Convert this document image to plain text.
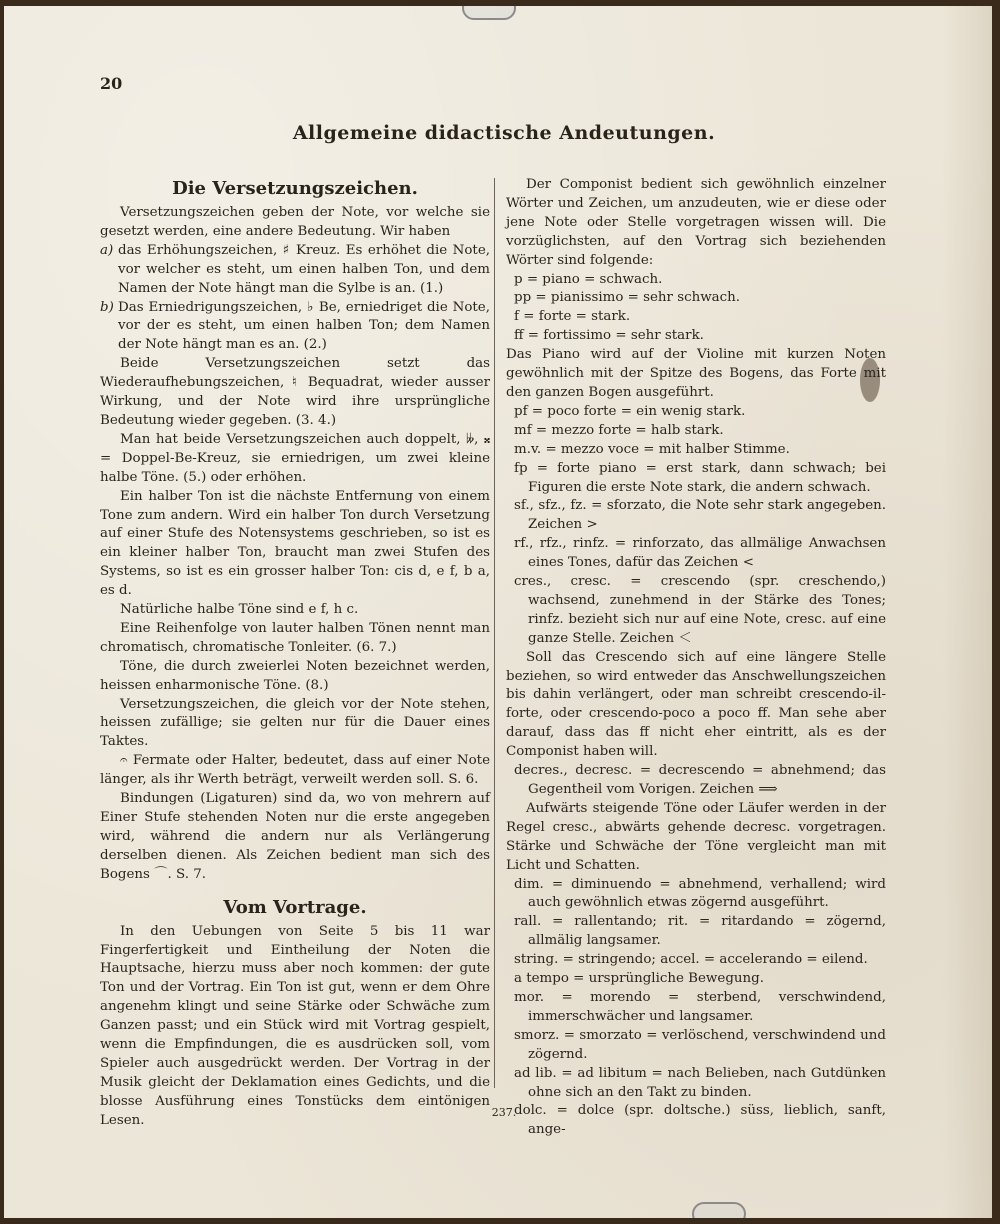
20
Allgemeine didactische Andeutungen.
Die Versetzungszeichen.
Versetzungszeichen geben der Note, vor welche sie gesetzt werden, eine andere Bedeutung. Wir haben
a) das Erhöhungszeichen, ♯ Kreuz. Es erhöhet die Note, vor welcher es steht, um einen halben Ton, und dem Namen der Note hängt man die Sylbe is an. (1.)
b) Das Erniedrigungszeichen, ♭ Be, erniedriget die Note, vor der es steht, um einen halben Ton; dem Namen der Note hängt man es an. (2.)
Beide Versetzungszeichen setzt das Wiederaufhebungszeichen, ♮ Bequadrat, wieder ausser Wirkung, und der Note wird ihre ursprüngliche Bedeutung wieder gegeben. (3. 4.)
Man hat beide Versetzungszeichen auch doppelt, 𝄫, 𝄪 = Doppel-Be-Kreuz, sie erniedrigen, um zwei kleine halbe Töne. (5.) oder erhöhen.
Ein halber Ton ist die nächste Entfernung von einem Tone zum andern. Wird ein halber Ton durch Versetzung auf einer Stufe des Notensystems geschrieben, so ist es ein kleiner halber Ton, braucht man zwei Stufen des Systems, so ist es ein grosser halber Ton: cis d, e f, b a, es d.
Natürliche halbe Töne sind e f, h c.
Eine Reihenfolge von lauter halben Tönen nennt man chromatisch, chromatische Tonleiter. (6. 7.)
Töne, die durch zweierlei Noten bezeichnet werden, heissen enharmonische Töne. (8.)
Versetzungszeichen, die gleich vor der Note stehen, heissen zufällige; sie gelten nur für die Dauer eines Taktes.
𝄐 Fermate oder Halter, bedeutet, dass auf einer Note länger, als ihr Werth beträgt, verweilt werden soll. S. 6.
Bindungen (Ligaturen) sind da, wo von mehrern auf Einer Stufe stehenden Noten nur die erste angegeben wird, während die andern nur als Verlängerung derselben dienen. Als Zeichen bedient man sich des Bogens ⌒. S. 7.
Vom Vortrage.
In den Uebungen von Seite 5 bis 11 war Fingerfertigkeit und Eintheilung der Noten die Hauptsache, hierzu muss aber noch kommen: der gute Ton und der Vortrag. Ein Ton ist gut, wenn er dem Ohre angenehm klingt und seine Stärke oder Schwäche zum Ganzen passt; und ein Stück wird mit Vortrag gespielt, wenn die Empfindungen, die es ausdrücken soll, vom Spieler auch ausgedrückt werden. Der Vortrag in der Musik gleicht der Deklamation eines Gedichts, und die blosse Ausführung eines Tonstücks dem eintönigen Lesen.
Der Componist bedient sich gewöhnlich einzelner Wörter und Zeichen, um anzudeuten, wie er diese oder jene Note oder Stelle vorgetragen wissen will. Die vorzüglichsten, auf den Vortrag sich beziehenden Wörter sind folgende:
p = piano = schwach.
pp = pianissimo = sehr schwach.
f = forte = stark.
ff = fortissimo = sehr stark.
Das Piano wird auf der Violine mit kurzen Noten gewöhnlich mit der Spitze des Bogens, das Forte mit den ganzen Bogen ausgeführt.
pf = poco forte = ein wenig stark.
mf = mezzo forte = halb stark.
m.v. = mezzo voce = mit halber Stimme.
fp = forte piano = erst stark, dann schwach; bei Figuren die erste Note stark, die andern schwach.
sf., sfz., fz. = sforzato, die Note sehr stark angegeben. Zeichen >
rf., rfz., rinfz. = rinforzato, das allmälige Anwachsen eines Tones, dafür das Zeichen <
cres., cresc. = crescendo (spr. creschendo,) wachsend, zunehmend in der Stärke des Tones; rinfz. bezieht sich nur auf eine Note, cresc. auf eine ganze Stelle. Zeichen ＜
Soll das Crescendo sich auf eine längere Stelle beziehen, so wird entweder das Anschwellungszeichen bis dahin verlängert, oder man schreibt crescendo-il-forte, oder crescendo-poco a poco ff. Man sehe aber darauf, dass das ff nicht eher eintritt, als es der Componist haben will.
decres., decresc. = decrescendo = abnehmend; das Gegentheil vom Vorigen. Zeichen ⟹
Aufwärts steigende Töne oder Läufer werden in der Regel cresc., abwärts gehende decresc. vorgetragen. Stärke und Schwäche der Töne vergleicht man mit Licht und Schatten.
dim. = diminuendo = abnehmend, verhallend; wird auch gewöhnlich etwas zögernd ausgeführt.
rall. = rallentando; rit. = ritardando = zögernd, allmälig langsamer.
string. = stringendo; accel. = accelerando = eilend.
a tempo = ursprüngliche Bewegung.
mor. = morendo = sterbend, verschwindend, immerschwächer und langsamer.
smorz. = smorzato = verlöschend, verschwindend und zögernd.
ad lib. = ad libitum = nach Belieben, nach Gutdünken ohne sich an den Takt zu binden.
dolc. = dolce (spr. doltsche.) süss, lieblich, sanft, ange-
237.
